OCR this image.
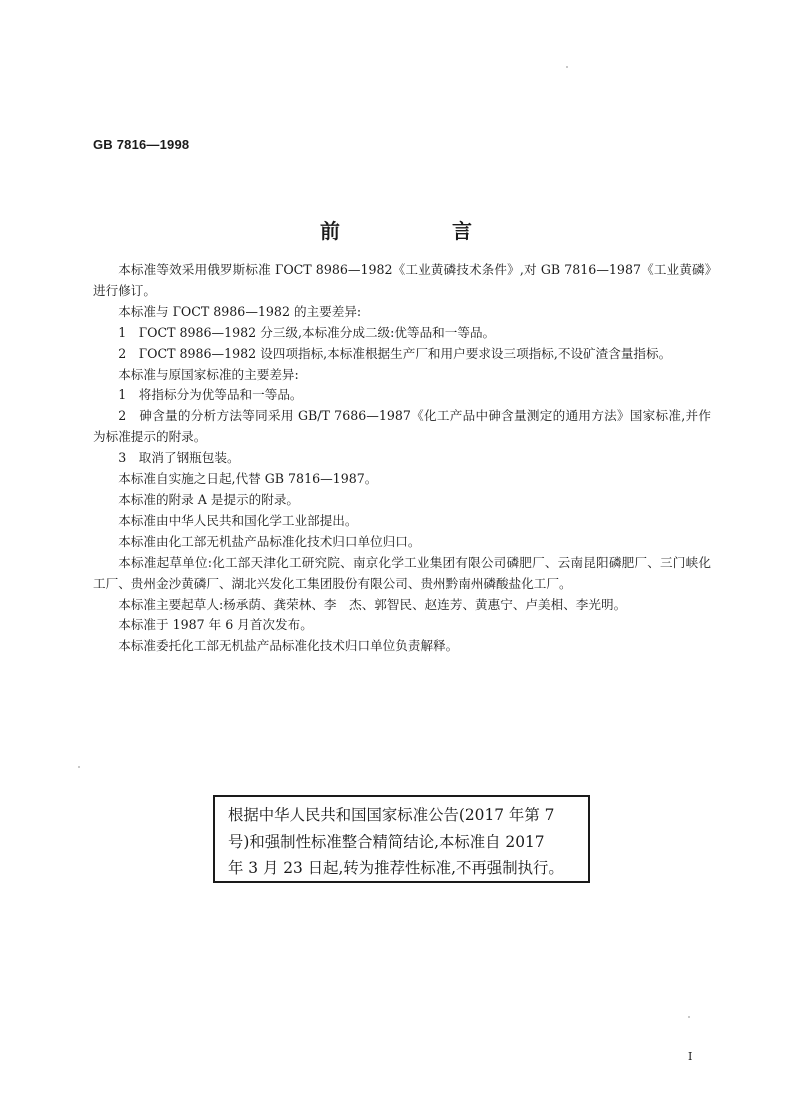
GB 7816—1998
前　言

本标准等效采用俄罗斯标准 ГОСТ 8986—1982《工业黄磷技术条件》,对 GB 7816—1987《工业黄磷》进行修订。

本标准与 ГОСТ 8986—1982 的主要差异:

1　ГОСТ 8986—1982 分三级,本标准分成二级:优等品和一等品。

2　ГОСТ 8986—1982 设四项指标,本标准根据生产厂和用户要求设三项指标,不设矿渣含量指标。

本标准与原国家标准的主要差异:

1　将指标分为优等品和一等品。

2　砷含量的分析方法等同采用 GB/T 7686—1987《化工产品中砷含量测定的通用方法》国家标准,并作为标准提示的附录。

3　取消了钢瓶包装。

本标准自实施之日起,代替 GB 7816—1987。

本标准的附录 A 是提示的附录。

本标准由中华人民共和国化学工业部提出。

本标准由化工部无机盐产品标准化技术归口单位归口。

本标准起草单位:化工部天津化工研究院、南京化学工业集团有限公司磷肥厂、云南昆阳磷肥厂、三门峡化工厂、贵州金沙黄磷厂、湖北兴发化工集团股份有限公司、贵州黔南州磷酸盐化工厂。

本标准主要起草人:杨承荫、龚荣林、李　杰、郭智民、赵连芳、黄惠宁、卢美相、李光明。

本标准于 1987 年 6 月首次发布。

本标准委托化工部无机盐产品标准化技术归口单位负责解释。

根据中华人民共和国国家标准公告(2017 年第 7
号)和强制性标准整合精简结论,本标准自 2017
年 3 月 23 日起,转为推荐性标准,不再强制执行。
I
